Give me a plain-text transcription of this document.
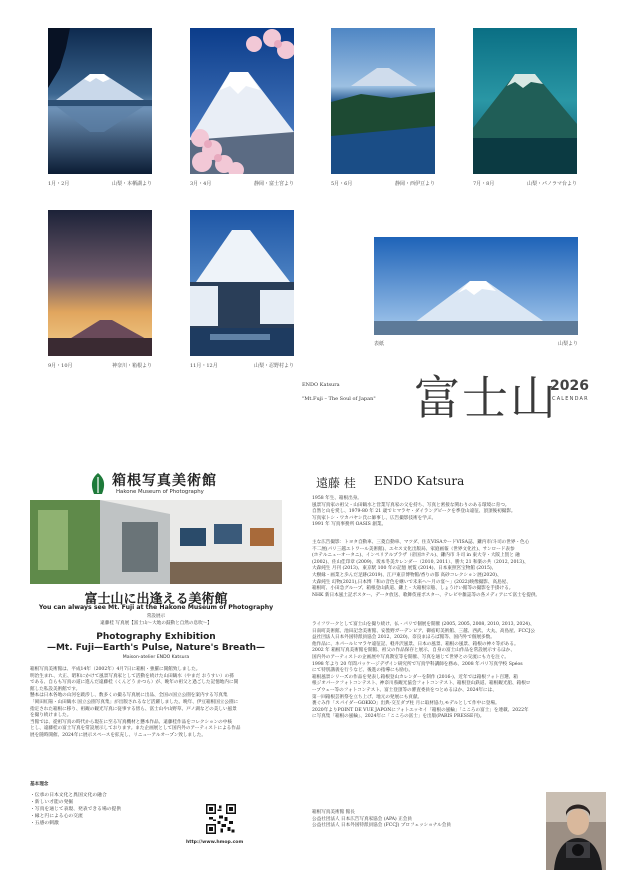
1月・2月	山梨・本栖湖より	3月・4月	静岡・富士宮より	5月・6月	静岡・西伊豆より	7月・8月	山梨・パノラマ台より
9月・10月	神奈川・箱根より	11月・12月	山梨・忍野村より
表紙	山梨より
ENDO Katsura
"Mt.Fuji – The Soul of Japan" 富士山
2026
CALENDAR
箱根写真美術館
Hakone Museum of Photography
富士山に出逢える美術館
You can always see Mt. Fuji at the Hakone Museum of Photography
常設展示
遠藤桂 写真展【富士山〜大地の鼓動と自然の息吹〜】
Photography Exhibition
—Mt. Fuji—Earth's Pulse, Nature's Breath—
Maison-atelier ENDO Katsura
箱根写真美術館は、平成14年（2002年）4月7日に箱根・強羅に開館致しました。
明治生まれ、大正、昭和にかけて風景写真家として活動を続けた山田鶴水（やまだ おうすい）の孫
である、自らも写真の道に進んだ遠藤桂（くんどう かつら）が、晩年の祖父と過ごした記憶地内に開
館した私設美術館です。
懸本は日本各地の山河を跋渉し、数多くの撮る写真展に出品、全国の国立公園を案内する写真集
「岡田紅陽・山田鶴水 国立公園写真集」が出版されるなど活躍しました。晩年、伊豆箱根国立公園に
指定された箱根に移り、祖観の観光写真に従事する傍ら、富士山や山野草、戸ノ湖などの美しい風景
を撮り続けました。
当館では、從祖写真の時代から現在に至る写真機材と懸本作品、遠藤桂作品をコレクションの中核
とし、遠藤桂の富士写真を常設展示しております。また企画展として国内外のアーティストによる作品
展を随時開催、2024年に展示スペースを拡充し、リニューアルオープン致しました。
基本理念
・伝承の日本文化と異国文化の融合
・新しい才能の発掘
・写真を通じて表現、発表できる場の提供
・縁と円による心の交流
・五感の刺激
http://www.hmop.com
遠藤 桂 ENDO Katsura
1958 年生、箱根出身。
風景写真家の祖父・山田鶴水と営業写真家の父を持ち、写真と密接な関わりのある環境に育つ。
自然と山を愛し、1979-80 年 21 歳でヒマラヤ・ダイラングピークを季登山遠征、頂頂後初撮影。
写真家トシ・ワカバヤシ氏に師事し、広告撮影技術を学ぶ。
1991 年 写真事務所 OASIS 創業。
主な広告撮影：トヨタ自動車、三菱自動車、マツダ、住友VISAカードVISA誌、鎌内市/斗司の世界・色心
不二展(パリ三越エトワール美術館)、エセス文化出版局、家庭画報（世界文化社)、サンロード表参
(ホテルニューオータニ)、インペリアルプラザ（帝国ホテル)、鎌内市 斗司 in 東大寺・大阪上賀と 融
(2002)、佐山佳印章 (2009)、坂本冬美カレンダー（2010, 2011）、勝大 21 和楽の共（2012, 2013)、
大森純生 月刊 (2013)、東京駅 100 年の記憶 展覧 (2014)、日本東照宮宝物館 (2015)、
大樹縁・画業と歩んだ足跡(2019)、江戸東京博物館/香りの都 高砂コレクション展(2020)、
大森純生 幻物(2021),日本博「和の音色を継いで未来へ〜月の宴〜」(2022)映像撮影、高島屋、
箱根町、小田急グループ、箱根登山鉄道、鎌上・大箱根宗舶、しょうけい館等の撮影を手掛ける。
NHK 新日本風土記ポスター、データ放送、歌舞伎座ポスター、テレビや雑誌等の各メディアにて富士を提供。
ライフワークとして富士山を撮り続け、仏・パリで個展を開催 (2005, 2005, 2008, 2010, 2013, 2024)、
日南町美術館、池田記念美術館、安曇野ガーデンピア、御宿町美術館、三越、西武、大丸、高島屋、FCCJ公
益社団法人日本外国特派員協会 2012、2020)、奈良まほろば館等、国内外で個展多数。
他作品に、ネパールヒマラヤ遠征記、軽井沢風景、日本の風景、箱根の風景、箱根の神々等がある。
2002 年 箱根写真美術館を開館、祖父の作品保存と展示、自身の富士山作品を常設展示するほか、
国内外のアーティストの企画展や写真教室等を開催、写真を通じて世界との交流にも力を注ぐ。
1998 年より 20 年間パッケージデザイン研究所で写真学科講師を務め、2008 年パリ写真学校 Spéos
にて特別講義を行うなど、後進の指導にも励む。
箱根風景シリーズの作品を発表し箱根登山カレンダーを制作 (2016-)、近年では箱根フォト百選、箱
根ジオパークフォトコンテスト、神奈川県観光協会フォトコンテスト、箱根登山鉄道、箱根観光船、箱根ロ
ープウェー等のフォトコンテスト、富士登頂等の審査委員をつとめるほか、2024年には、
第一回箱根芸術祭を立ち上げ、地元の発展にも貢献。
裏ぐみ作「スパイダーGOKKO」出典-交互ダブ柱 月に取材協力,モデルとして作中に登場。
2020年よりPOINT DE VUE JAPONにフォトエッセイ「箱根の風輪」「こころの富士」を連載、2022年
に写真集「箱根の風輪」、2024年に「こころの富士」を出版(PARIS PRESSE刊)。
箱根写真美術館 館長
公益社団法人 日本広告写真家協会 (APA) 正会員
公益社団法人 日本外国特派員協会 (FCCJ) プロフェッショナル会員
